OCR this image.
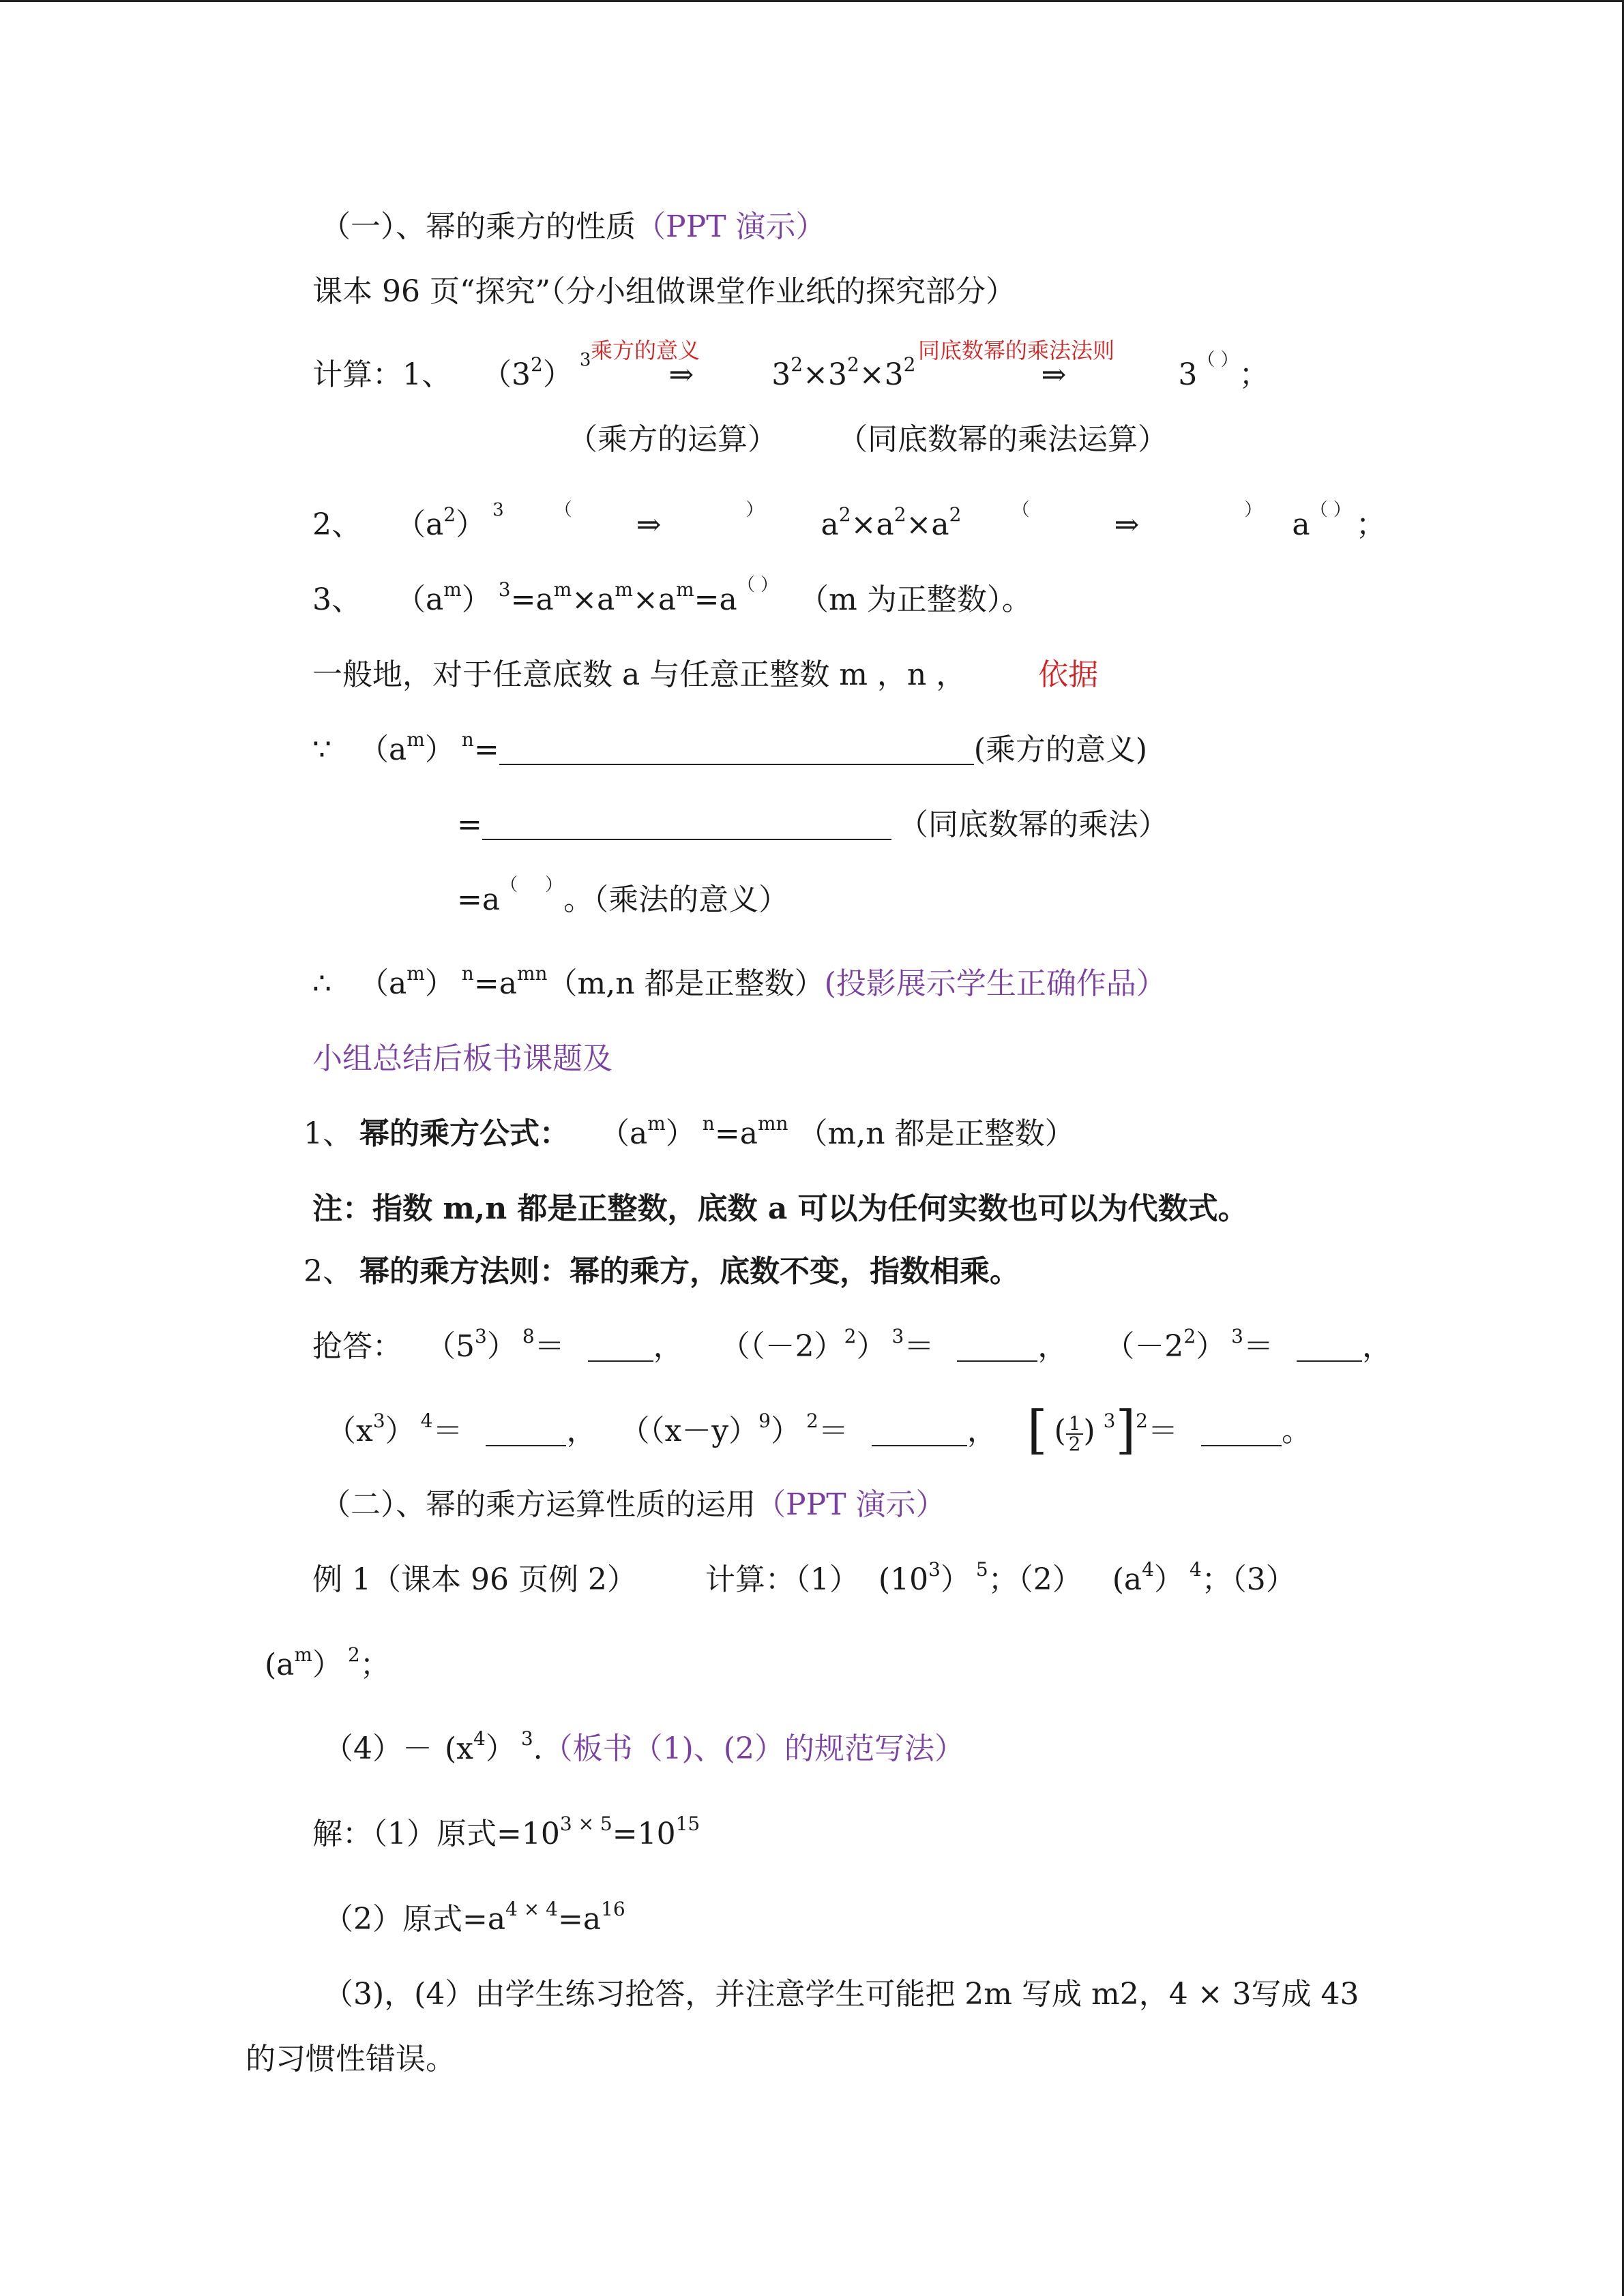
（一）、幂的乘方的性质（PPT 演示）
课本 96 页“探究”（分小组做课堂作业纸的探究部分）
乘方的意义	同底数幂的乘法法则
计算：1、 $(3^2)$ $^3$	⇒	$3^2\times 3^2\times 3^2$	⇒	3（ ） ；
（乘方的运算）	（同底数幂的乘法运算）
2、 $(a^2)$ $^3$	（ ⇒	） $a^2\times a^2\times a^2$	（	⇒	） a（ ） ；
3、 $(a^m)$ $^3=a^m\times a^m\times a^m=a^{( )}$ （m 为正整数）。
一般地，对于任意底数 a 与任意正整数 m ，n ， 依据
∵ $(a^m)$ $^n$=	(乘方的意义)
=	（同底数幂的乘法）
=a（ ） 。（乘法的意义）
∴ $(a^m)$ $^n=a^{mn}(m,n$ 都是正整数）(投影展示学生正确作品）
小组总结后板书课题及
1、 幂的乘方公式： $(a^m)$ $^n=a^{mn}$ （m,n 都是正整数）
注：指数 m,n 都是正整数，底数 a 可以为任何实数也可以为代数式。
2、 幂的乘方法则：幂的乘方，底数不变，指数相乘。
抢答： $(5^3)$ $^8$＝	， $((-2)^2)$ $^3$＝	， $(-2^2)$ $^3$＝	，
$(x^3)$ $^4$＝	， $((x-y)^9)$ $^2$＝	， [ ( $\frac{1}{2}$ ) $^3$]$^2$＝	。
（二）、幂的乘方运算性质的运用（PPT 演示）
例 1（课本 96 页例 2） 计算：（1） $(10^3)$ $^5$；（2） $(a^4)$ $^4$；（3）
$(a^m)$ $^2$；
$(4)- (x^4)$ $^3$.（板书（1)、(2）的规范写法）
解：（1）原式$=10^{3 \times 5}=10^{15}$
（2）原式$=a^{4 \times 4}=a^{16}$
（3)，(4）由学生练习抢答，并注意学生可能把 2m 写成 m2，4 × 3写成 43
的习惯性错误。
